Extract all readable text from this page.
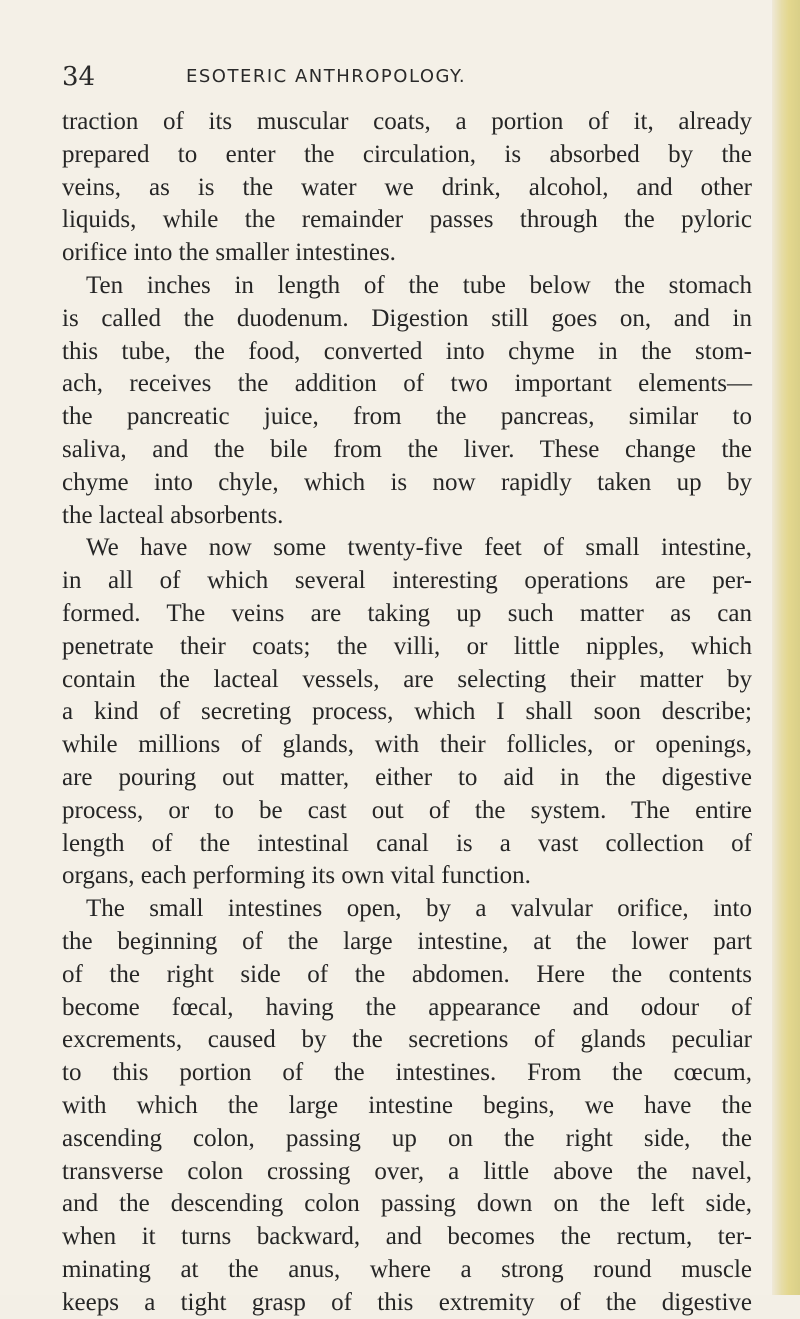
34	ESOTERIC ANTHROPOLOGY.
traction of its muscular coats, a portion of it, already
prepared to enter the circulation, is absorbed by the
veins, as is the water we drink, alcohol, and other
liquids, while the remainder passes through the pyloric
orifice into the smaller intestines.
Ten inches in length of the tube below the stomach
is called the duodenum. Digestion still goes on, and in
this tube, the food, converted into chyme in the stom-
ach, receives the addition of two important elements—
the pancreatic juice, from the pancreas, similar to
saliva, and the bile from the liver. These change the
chyme into chyle, which is now rapidly taken up by
the lacteal absorbents.
We have now some twenty-five feet of small intestine,
in all of which several interesting operations are per-
formed. The veins are taking up such matter as can
penetrate their coats; the villi, or little nipples, which
contain the lacteal vessels, are selecting their matter by
a kind of secreting process, which I shall soon describe;
while millions of glands, with their follicles, or openings,
are pouring out matter, either to aid in the digestive
process, or to be cast out of the system. The entire
length of the intestinal canal is a vast collection of
organs, each performing its own vital function.
The small intestines open, by a valvular orifice, into
the beginning of the large intestine, at the lower part
of the right side of the abdomen. Here the contents
become fœcal, having the appearance and odour of
excrements, caused by the secretions of glands peculiar
to this portion of the intestines. From the cœcum,
with which the large intestine begins, we have the
ascending colon, passing up on the right side, the
transverse colon crossing over, a little above the navel,
and the descending colon passing down on the left side,
when it turns backward, and becomes the rectum, ter-
minating at the anus, where a strong round muscle
keeps a tight grasp of this extremity of the digestive
